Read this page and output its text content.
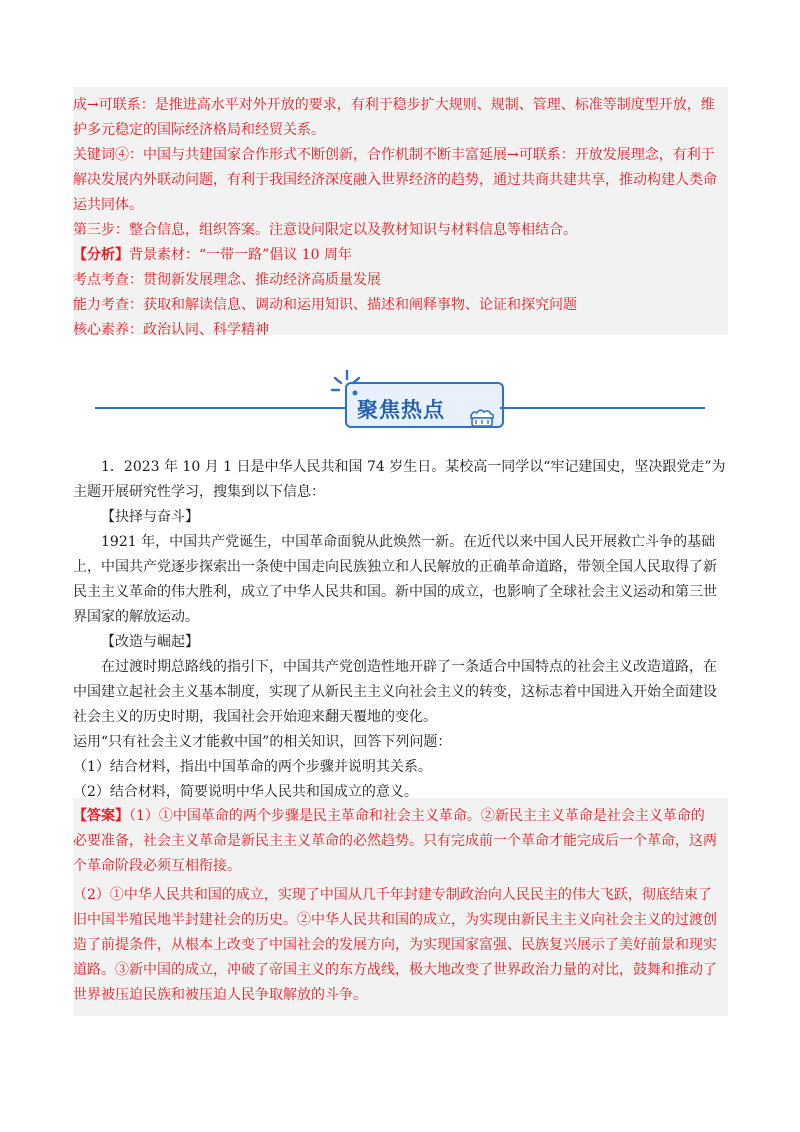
成→可联系：是推进高水平对外开放的要求，有利于稳步扩大规则、规制、管理、标准等制度型开放，维
护多元稳定的国际经济格局和经贸关系。
关键词④：中国与共建国家合作形式不断创新，合作机制不断丰富延展→可联系：开放发展理念，有利于
解决发展内外联动问题，有利于我国经济深度融入世界经济的趋势，通过共商共建共享，推动构建人类命
运共同体。
第三步：整合信息，组织答案。注意设问限定以及教材知识与材料信息等相结合。
【分析】背景素材：“一带一路”倡议 10 周年
考点考查：贯彻新发展理念、推动经济高质量发展
能力考查：获取和解读信息、调动和运用知识、描述和阐释事物、论证和探究问题
核心素养：政治认同、科学精神
聚焦热点
1．2023 年 10 月 1 日是中华人民共和国 74 岁生日。某校高一同学以“牢记建国史，坚决跟党走”为
主题开展研究性学习，搜集到以下信息：
【抉择与奋斗】
1921 年，中国共产党诞生，中国革命面貌从此焕然一新。在近代以来中国人民开展救亡斗争的基础
上，中国共产党逐步探索出一条使中国走向民族独立和人民解放的正确革命道路，带领全国人民取得了新
民主主义革命的伟大胜利，成立了中华人民共和国。新中国的成立，也影响了全球社会主义运动和第三世
界国家的解放运动。
【改造与崛起】
在过渡时期总路线的指引下，中国共产党创造性地开辟了一条适合中国特点的社会主义改造道路，在
中国建立起社会主义基本制度，实现了从新民主主义向社会主义的转变，这标志着中国进入开始全面建设
社会主义的历史时期，我国社会开始迎来翻天覆地的变化。
运用“只有社会主义才能救中国”的相关知识，回答下列问题：
（1）结合材料，指出中国革命的两个步骤并说明其关系。
（2）结合材料，简要说明中华人民共和国成立的意义。
【答案】（1）①中国革命的两个步骤是民主革命和社会主义革命。②新民主主义革命是社会主义革命的
必要准备，社会主义革命是新民主主义革命的必然趋势。只有完成前一个革命才能完成后一个革命，这两
个革命阶段必须互相衔接。
（2）①中华人民共和国的成立，实现了中国从几千年封建专制政治向人民民主的伟大飞跃，彻底结束了
旧中国半殖民地半封建社会的历史。②中华人民共和国的成立，为实现由新民主主义向社会主义的过渡创
造了前提条件，从根本上改变了中国社会的发展方向，为实现国家富强、民族复兴展示了美好前景和现实
道路。③新中国的成立，冲破了帝国主义的东方战线，极大地改变了世界政治力量的对比，鼓舞和推动了
世界被压迫民族和被压迫人民争取解放的斗争。
